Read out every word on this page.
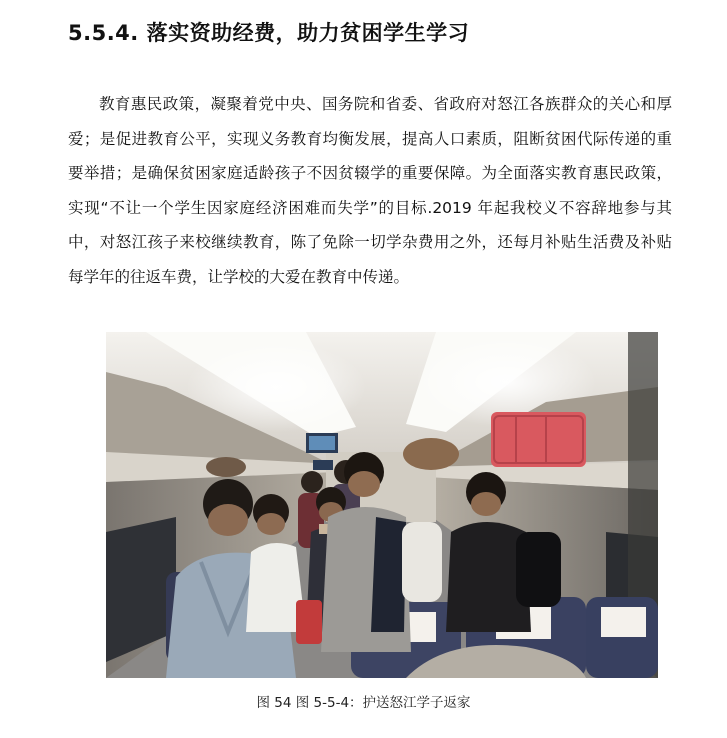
5.5.4. 落实资助经费，助力贫困学生学习

教育惠民政策，凝聚着党中央、国务院和省委、省政府对怒江各族群众的关心和厚爱；是促进教育公平，实现义务教育均衡发展，提高人口素质，阻断贫困代际传递的重要举措；是确保贫困家庭适龄孩子不因贫辍学的重要保障。为全面落实教育惠民政策，实现“不让一个学生因家庭经济困难而失学”的目标.2019 年起我校义不容辞地参与其中，对怒江孩子来校继续教育，陈了免除一切学杂费用之外，还每月补贴生活费及补贴每学年的往返车费，让学校的大爱在教育中传递。

图 54 图 5-5-4：护送怒江学子返家
